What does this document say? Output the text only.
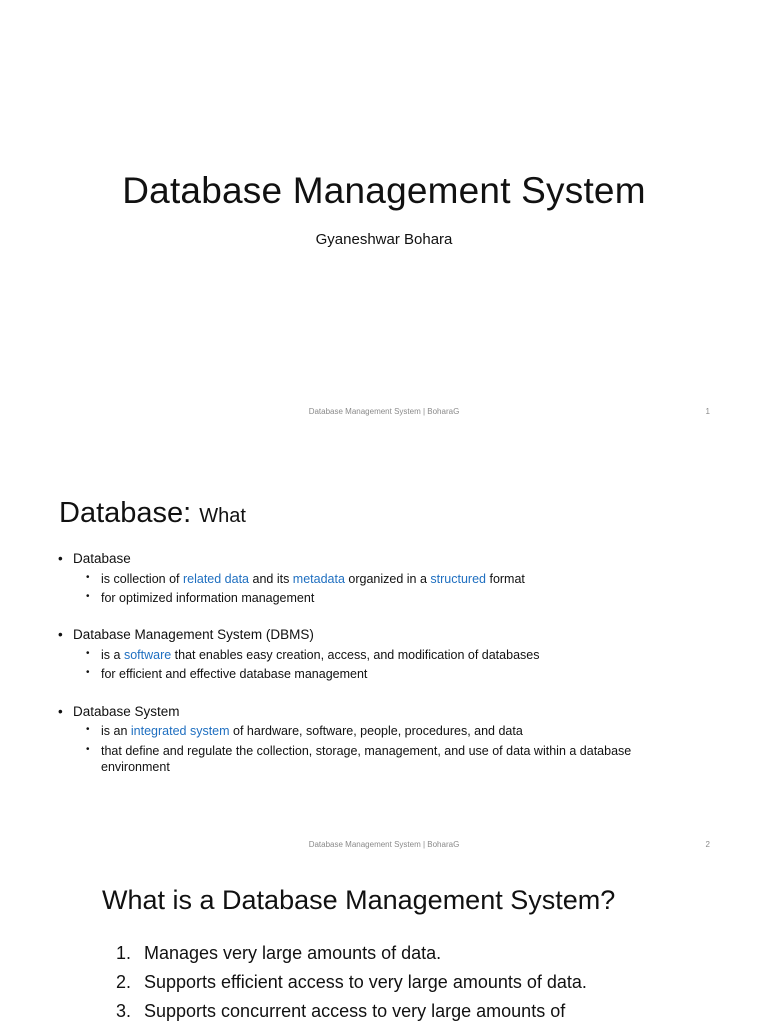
Database Management System
Gyaneshwar Bohara
Database Management System | BoharaG	1
Database: What
• Database
• is collection of related data and its metadata organized in a structured format
• for optimized information management
• Database Management System (DBMS)
• is a software that enables easy creation, access, and modification of databases
• for efficient and effective database management
• Database System
• is an integrated system of hardware, software, people, procedures, and data
• that define and regulate the collection, storage, management, and use of data within a database environment
Database Management System | BoharaG	2
What is a Database Management System?
1. Manages very large amounts of data.
2. Supports efficient access to very large amounts of data.
3. Supports concurrent access to very large amounts of
